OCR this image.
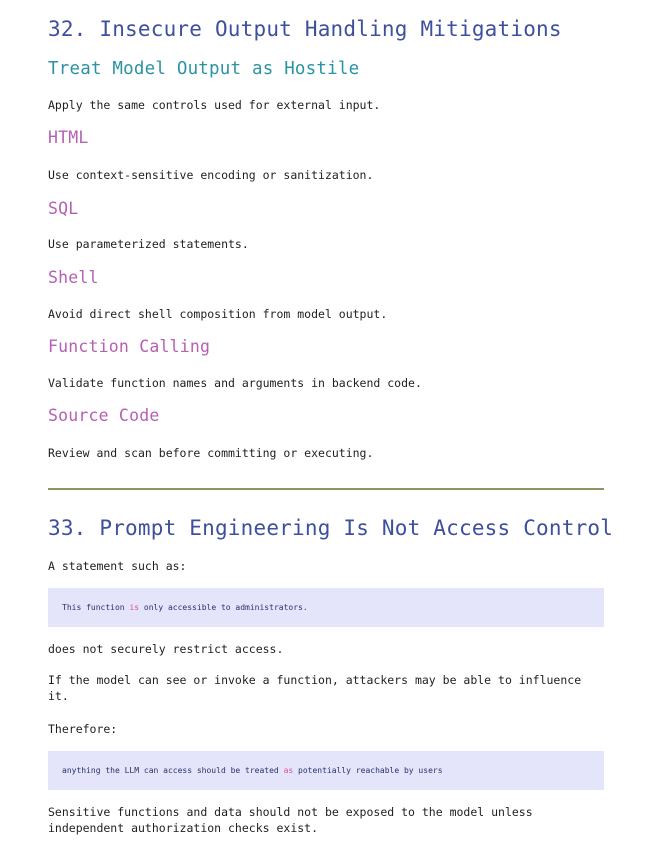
32. Insecure Output Handling Mitigations
Treat Model Output as Hostile

Apply the same controls used for external input.

HTML

Use context-sensitive encoding or sanitization.

SQL

Use parameterized statements.

Shell

Avoid direct shell composition from model output.

Function Calling

Validate function names and arguments in backend code.

Source Code

Review and scan before committing or executing.

33. Prompt Engineering Is Not Access Control

A statement such as:

This function is only accessible to administrators.

does not securely restrict access.

If the model can see or invoke a function, attackers may be able to influence it.

Therefore:

anything the LLM can access should be treated as potentially reachable by users

Sensitive functions and data should not be exposed to the model unless independent authorization checks exist.
